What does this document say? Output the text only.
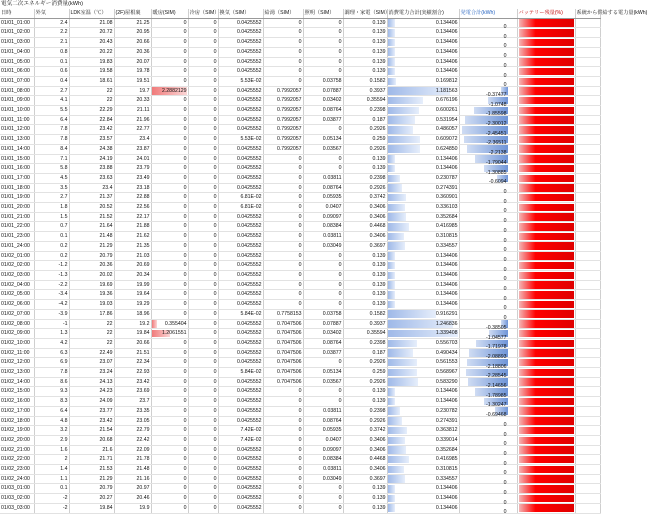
電気二次エネルギー消費量(kWh)
日時	外気	LDK室温（℃）	(2F)屋根裏	暖房(SIM)	冷房（SIM）	換気（SIM）	給湯（SIM）	照明（SIM）	調理・家電（SIM）	消費電力合計(実績割合)	発電合計(kWh)	バッテリー残量(%)	系統から供給する電力量(kWh)
01/01_01:00	2.4	21.08	21.25	0	0	0.0425552	0	0	0.139	0.134406	0		

01/01_02:00	2.2	20.72	20.95	0	0	0.0425552	0	0	0.139	0.134406	0		

01/01_03:00	2.1	20.43	20.66	0	0	0.0425552	0	0	0.139	0.134406	0		

01/01_04:00	0.8	20.22	20.36	0	0	0.0425552	0	0	0.139	0.134406	0		

01/01_05:00	0.1	19.83	20.07	0	0	0.0425552	0	0	0.139	0.134406	0		

01/01_06:00	0.6	19.58	19.78	0	0	0.0425552	0	0	0.139	0.134406	0		

01/01_07:00	0.4	18.61	19.51	0	0	5.53E-02	0	0.03758	0.1582	0.169812	0		

01/01_08:00	2.7	22	19.7	2.2882129	0	0.0425552	0.7992057	0.07887	0.3937	1.181563	-0.37477		

01/01_09:00	4.1	22	20.33	0	0	0.0425552	0.7992057	0.03402	0.35594	0.676196	-1.0748		

01/01_10:00	5.5	22.29	21.11	0	0	0.0425552	0.7992057	0.08764	0.2398	0.600261	-1.85598		

01/01_11:00	6.4	22.84	21.96	0	0	0.0425552	0.7992057	0.03877	0.187	0.531954	-2.30012		

01/01_12:00	7.8	23.42	22.77	0	0	0.0425552	0.7992057	0	0.2926	0.486057	-2.45451		

01/01_13:00	7.8	23.57	23.4	0	0	5.53E-02	0.7992057	0.05134	0.259	0.609072	-2.36511		

01/01_14:00	8.4	24.38	23.87	0	0	0.0425552	0.7992057	0.03567	0.2926	0.624850	-2.2138		

01/01_15:00	7.1	24.19	24.01	0	0	0.0425552	0	0	0.139	0.134406	-1.79044		

01/01_16:00	5.8	23.88	23.79	0	0	0.0425552	0	0	0.139	0.134406	-1.30885		

01/01_17:00	4.5	23.63	23.49	0	0	0.0425552	0	0.03811	0.2398	0.230787	-0.6094		

01/01_18:00	3.5	23.4	23.18	0	0	0.0425552	0	0.08764	0.2926	0.274391	0		

01/01_19:00	2.7	21.37	22.88	0	0	6.81E-02	0	0.05935	0.3742	0.360901	0		

01/01_20:00	1.8	20.52	22.56	0	0	6.81E-02	0	0.0407	0.3406	0.336103	0		

01/01_21:00	1.5	21.52	22.17	0	0	0.0425552	0	0.09097	0.3406	0.352684	0		

01/01_22:00	0.7	21.64	21.88	0	0	0.0425552	0	0.08384	0.4468	0.416985	0		

01/01_23:00	0.1	21.48	21.62	0	0	0.0425552	0	0.03811	0.3406	0.310815	0		

01/01_24:00	0.2	21.29	21.35	0	0	0.0425552	0	0.03049	0.3697	0.334557	0		

01/02_01:00	0.2	20.79	21.03	0	0	0.0425552	0	0	0.139	0.134406	0		

01/02_02:00	-1.2	20.36	20.69	0	0	0.0425552	0	0	0.139	0.134406	0		

01/02_03:00	-1.3	20.02	20.34	0	0	0.0425552	0	0	0.139	0.134406	0		

01/02_04:00	-2.2	19.69	19.99	0	0	0.0425552	0	0	0.139	0.134406	0		

01/02_05:00	-3.4	19.36	19.64	0	0	0.0425552	0	0	0.139	0.134406	0		

01/02_06:00	-4.2	19.03	19.29	0	0	0.0425552	0	0	0.139	0.134406	0		

01/02_07:00	-3.9	17.86	18.96	0	0	5.84E-02	0.7758153	0.03758	0.1582	0.916291	0		

01/02_08:00	-1	22	19.2	0.355404	0	0.0425552	0.7047506	0.07887	0.3937	1.246836	-0.38505		

01/02_09:00	1.3	22	19.84	1.2061551	0	0.0425552	0.7047506	0.03402	0.35594	1.339408	-1.04577		

01/02_10:00	4.2	22	20.66	0	0	0.0425552	0.7047506	0.08764	0.2398	0.556703	-1.71978		

01/02_11:00	6.3	22.49	21.51	0	0	0.0425552	0.7047506	0.03877	0.187	0.490434	-2.08893		

01/02_12:00	6.9	23.07	22.34	0	0	0.0425552	0.7047506	0	0.2926	0.561553	-2.18806		

01/02_13:00	7.8	23.24	22.93	0	0	5.84E-02	0.7047506	0.05134	0.259	0.568967	-2.28545		

01/02_14:00	8.6	24.13	23.42	0	0	0.0425552	0.7047506	0.03567	0.2926	0.583290	-2.14656		

01/02_15:00	9.3	24.23	23.69	0	0	0.0425552	0	0	0.139	0.134406	-1.78985		

01/02_16:00	8.3	24.09	23.7	0	0	0.0425552	0	0	0.139	0.134406	-1.30247		

01/02_17:00	6.4	23.77	23.35	0	0	0.0425552	0	0.03811	0.2398	0.230782	-0.69468		

01/02_18:00	4.8	23.42	23.05	0	0	0.0425552	0	0.08764	0.2926	0.274391	0		

01/02_19:00	3.2	21.54	22.79	0	0	7.42E-02	0	0.05935	0.3742	0.363812	0		

01/02_20:00	2.9	20.68	22.42	0	0	7.42E-02	0	0.0407	0.3406	0.339014	0		

01/02_21:00	1.6	21.6	22.09	0	0	0.0425552	0	0.09097	0.3406	0.352684	0		

01/02_22:00	2	21.71	21.78	0	0	0.0425552	0	0.08384	0.4468	0.416985	0		

01/02_23:00	1.4	21.53	21.48	0	0	0.0425552	0	0.03811	0.3406	0.310815	0		

01/02_24:00	1.1	21.29	21.16	0	0	0.0425552	0	0.03049	0.3697	0.334557	0		

01/03_01:00	0.1	20.79	20.97	0	0	0.0425552	0	0	0.139	0.134406	0		

01/03_02:00	-2	20.27	20.46	0	0	0.0425552	0	0	0.139	0.134406	0		

01/03_03:00	-2	19.84	19.9	0	0	0.0425552	0	0	0.139	0.134406	0		
